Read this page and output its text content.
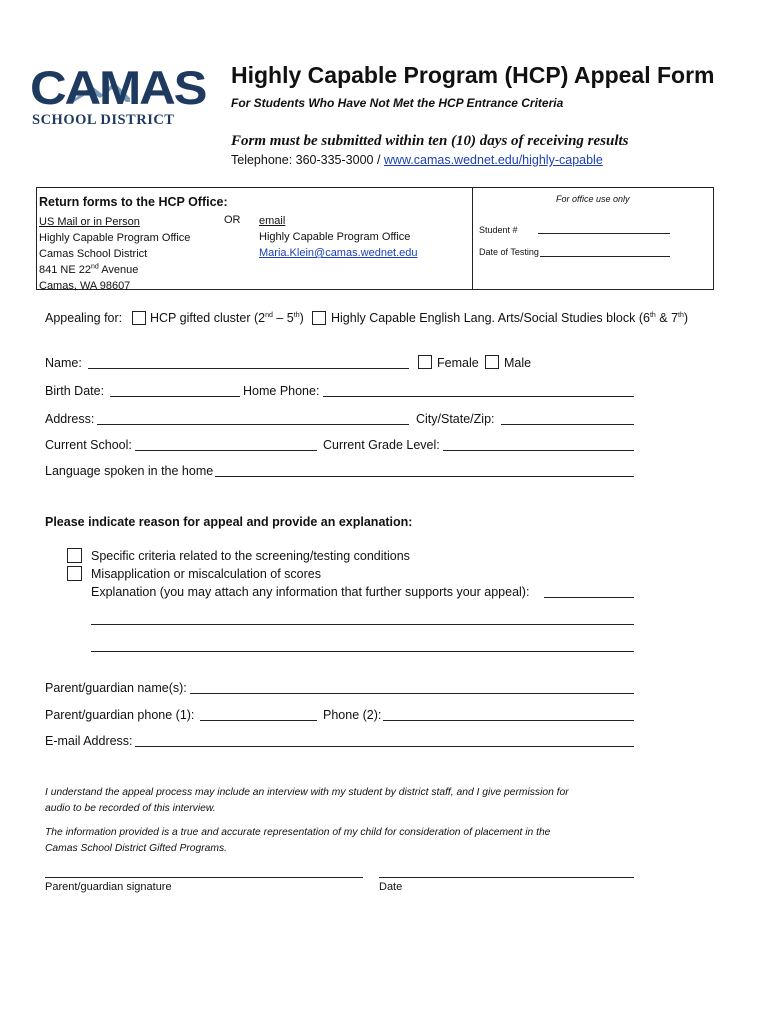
CAMAS
SCHOOL DISTRICT
Highly Capable Program (HCP) Appeal Form
For Students Who Have Not Met the HCP Entrance Criteria
Form must be submitted within ten (10) days of receiving results
Telephone: 360-335-3000 / www.camas.wednet.edu/highly-capable
Return forms to the HCP Office:
US Mail or in Person
Highly Capable Program Office
Camas School District
841 NE 22nd Avenue
Camas, WA 98607
OR email
Highly Capable Program Office
Maria.Klein@camas.wednet.edu
For office use only
Student #
Date of Testing
Appealing for: HCP gifted cluster (2nd – 5th) Highly Capable English Lang. Arts/Social Studies block (6th & 7th)
Name:	Female Male
Birth Date:	Home Phone:
Address:	City/State/Zip:
Current School:	Current Grade Level:
Language spoken in the home
Please indicate reason for appeal and provide an explanation:
Specific criteria related to the screening/testing conditions
Misapplication or miscalculation of scores
Explanation (you may attach any information that further supports your appeal):
Parent/guardian name(s):
Parent/guardian phone (1):	Phone (2):
E-mail Address:
I understand the appeal process may include an interview with my student by district staff, and I give permission for
audio to be recorded of this interview.
The information provided is a true and accurate representation of my child for consideration of placement in the
Camas School District Gifted Programs.
Parent/guardian signature	Date
